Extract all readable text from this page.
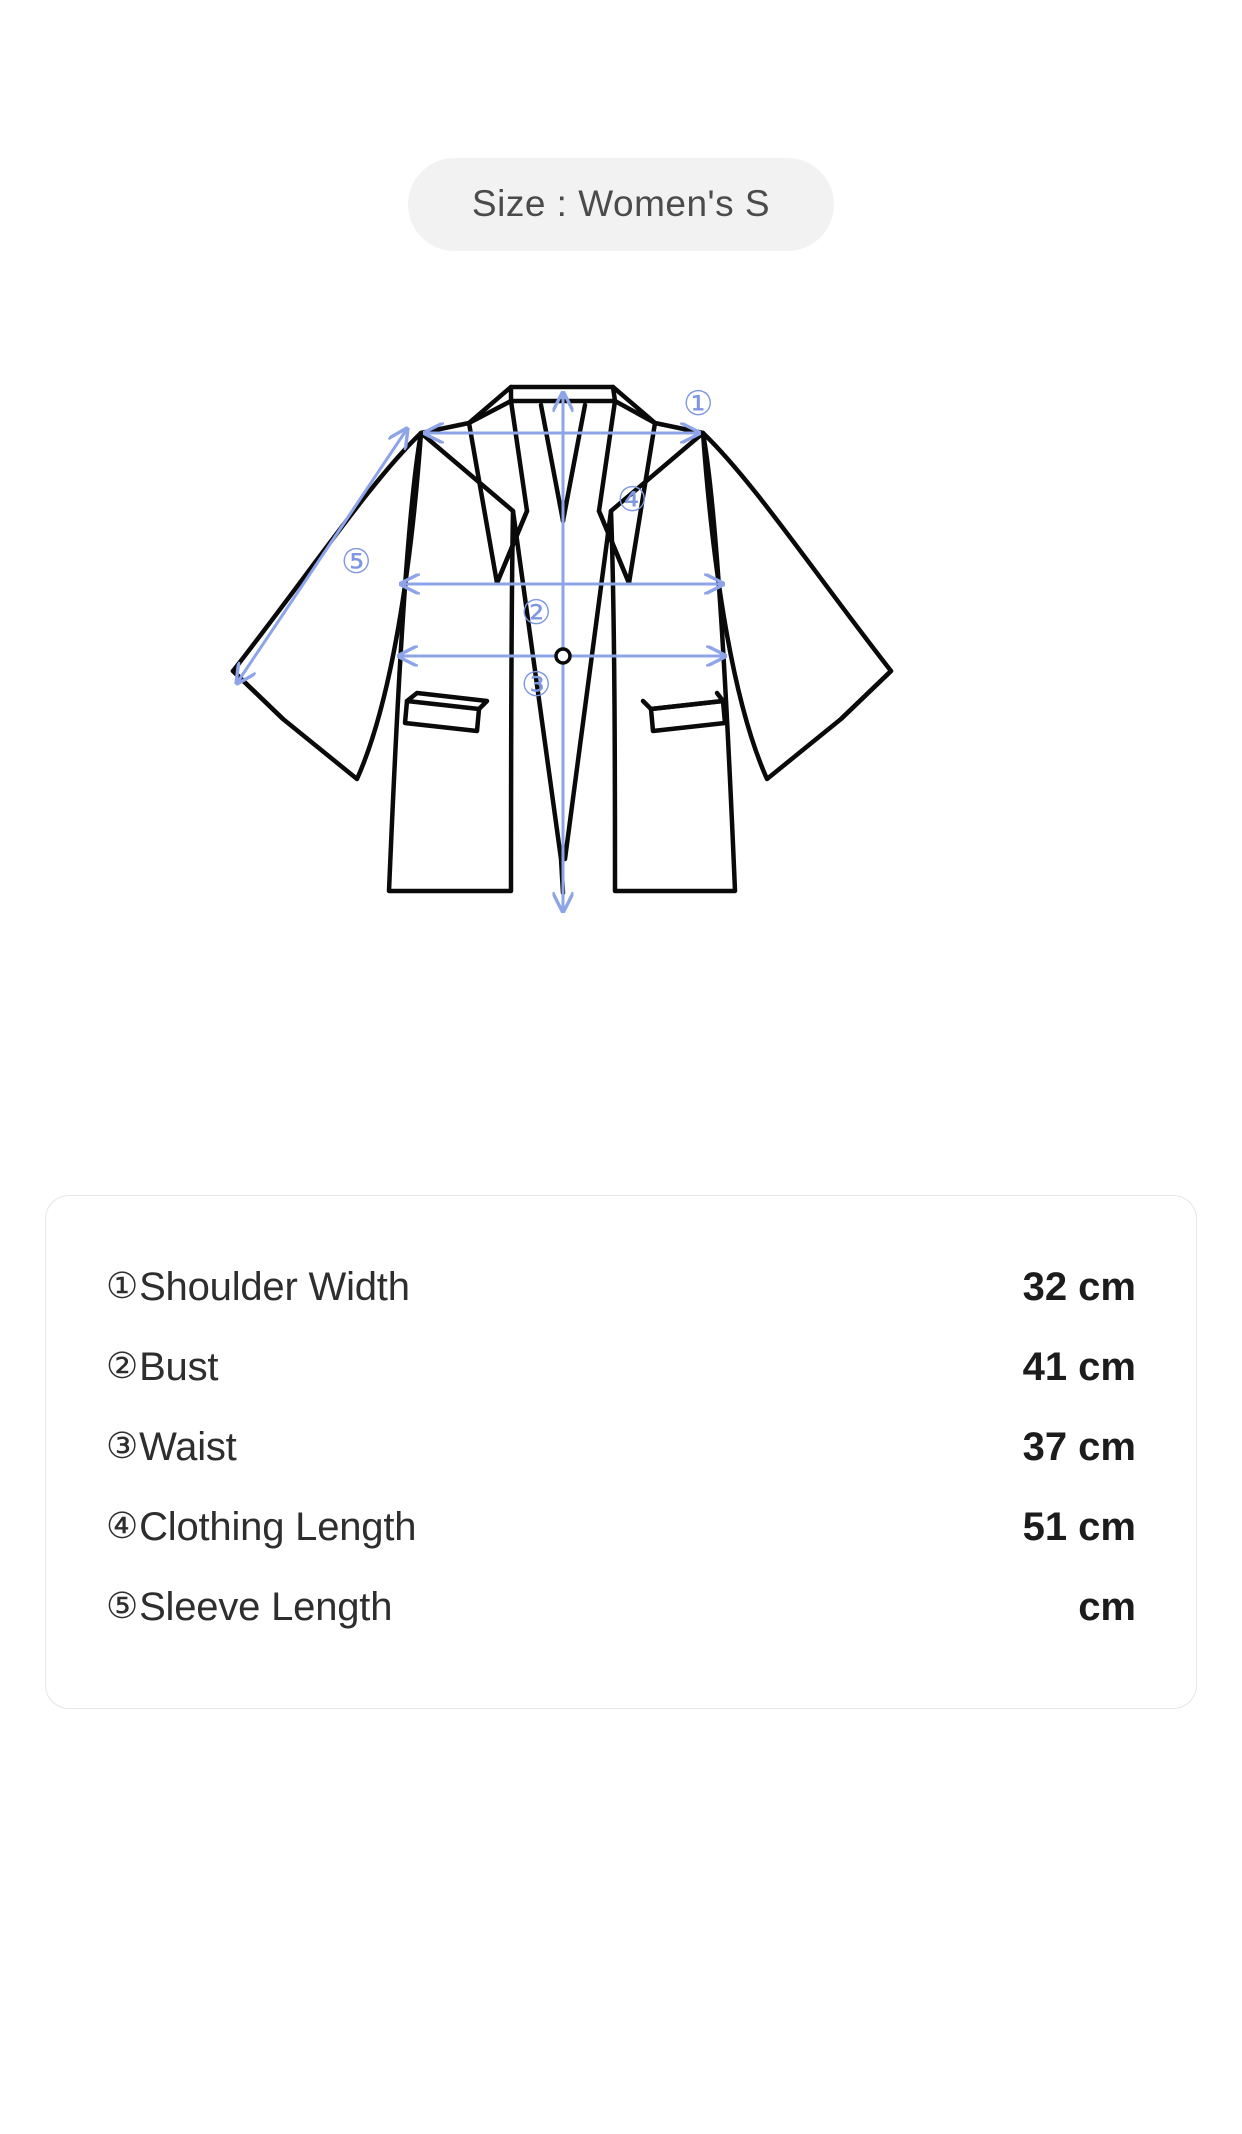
Size : Women's S
①
②
③
④
⑤
①Shoulder Width	32 cm
②Bust	41 cm
③Waist	37 cm
④Clothing Length	51 cm
⑤Sleeve Length	cm
